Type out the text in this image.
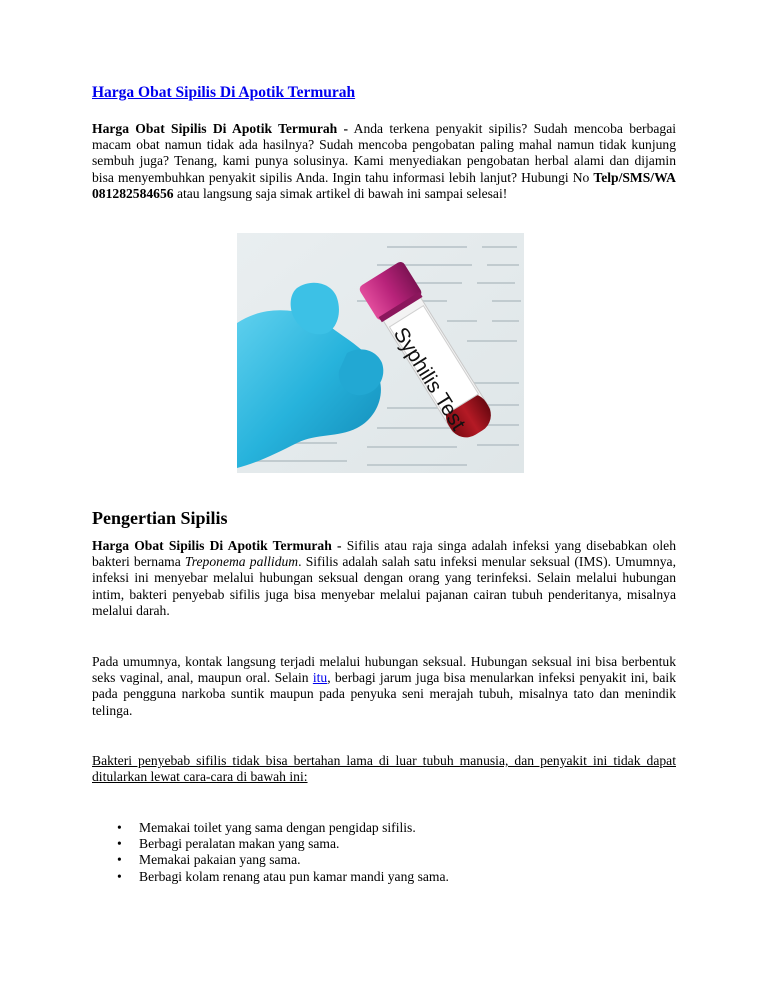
Harga Obat Sipilis Di Apotik Termurah

Harga Obat Sipilis Di Apotik Termurah - Anda terkena penyakit sipilis? Sudah mencoba berbagai macam obat namun tidak ada hasilnya? Sudah mencoba pengobatan paling mahal namun tidak kunjung sembuh juga? Tenang, kami punya solusinya. Kami menyediakan pengobatan herbal alami dan dijamin bisa menyembuhkan penyakit sipilis Anda. Ingin tahu informasi lebih lanjut? Hubungi No Telp/SMS/WA 081282584656 atau langsung saja simak artikel di bawah ini sampai selesai!

Syphilis Test
Pengertian Sipilis

Harga Obat Sipilis Di Apotik Termurah - Sifilis atau raja singa adalah infeksi yang disebabkan oleh bakteri bernama Treponema pallidum. Sifilis adalah salah satu infeksi menular seksual (IMS). Umumnya, infeksi ini menyebar melalui hubungan seksual dengan orang yang terinfeksi. Selain melalui hubungan intim, bakteri penyebab sifilis juga bisa menyebar melalui pajanan cairan tubuh penderitanya, misalnya melalui darah.

Pada umumnya, kontak langsung terjadi melalui hubungan seksual. Hubungan seksual ini bisa berbentuk seks vaginal, anal, maupun oral. Selain itu, berbagi jarum juga bisa menularkan infeksi penyakit ini, baik pada pengguna narkoba suntik maupun pada penyuka seni merajah tubuh, misalnya tato dan menindik telinga.

Bakteri penyebab sifilis tidak bisa bertahan lama di luar tubuh manusia, dan penyakit ini tidak dapat ditularkan lewat cara-cara di bawah ini:

• Memakai toilet yang sama dengan pengidap sifilis.
• Berbagi peralatan makan yang sama.
• Memakai pakaian yang sama.
• Berbagi kolam renang atau pun kamar mandi yang sama.
